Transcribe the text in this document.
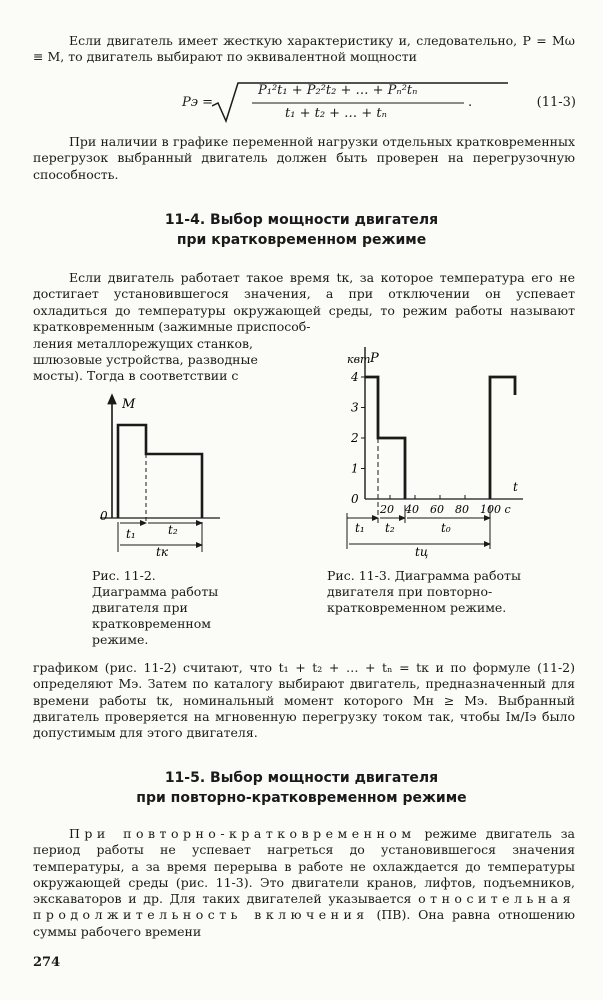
Если двигатель имеет жесткую характеристику и, следовательно, P = Mω ≡ M, то двигатель выбирают по эквивалентной мощности

Pэ =
P₁²t₁ + P₂²t₂ + … + Pₙ²tₙ
t₁ + t₂ + … + tₙ
.	(11-3)

При наличии в графике переменной нагрузки отдельных кратковременных перегрузок выбранный двигатель должен быть проверен на перегрузочную способность.

11-4. Выбор мощности двигателя
при кратковременном режиме

Если двигатель работает такое время tк, за которое температура его не достигает установившегося значения, а при отключении он успевает охладиться до температуры окружающей среды, то режим работы называют кратковременным (зажимные приспособ-

ления металлорежущих станков,
шлюзовые устройства, разводные
мосты). Тогда в соответствии с
M
0
t₁	t₂
tк

Рис. 11-2. Диаграмма работы двигателя при кратковременном режиме.

квт P
t
4
3
2
1
0
20 40 60 80 100 с
t₁ t₂	t₀
tц

Рис. 11-3. Диаграмма работы двигателя при повторно-кратковременном режиме.

графиком (рис. 11-2) считают, что t₁ + t₂ + … + tₙ = tк и по формуле (11-2) определяют Mэ. Затем по каталогу выбирают двигатель, предназначенный для времени работы tк, номинальный момент которого Mн ≥ Mэ. Выбранный двигатель проверяется на мгновенную перегрузку током так, чтобы Iм/Iэ было допустимым для этого двигателя.

11-5. Выбор мощности двигателя
при повторно-кратковременном режиме

При повторно-кратковременном режиме двигатель за период работы не успевает нагреться до установившегося значения температуры, а за время перерыва в работе не охлаждается до температуры окружающей среды (рис. 11-3). Это двигатели кранов, лифтов, подъемников, экскаваторов и др. Для таких двигателей указывается относительная продолжительность включения (ПВ). Она равна отношению суммы рабочего времени

274
